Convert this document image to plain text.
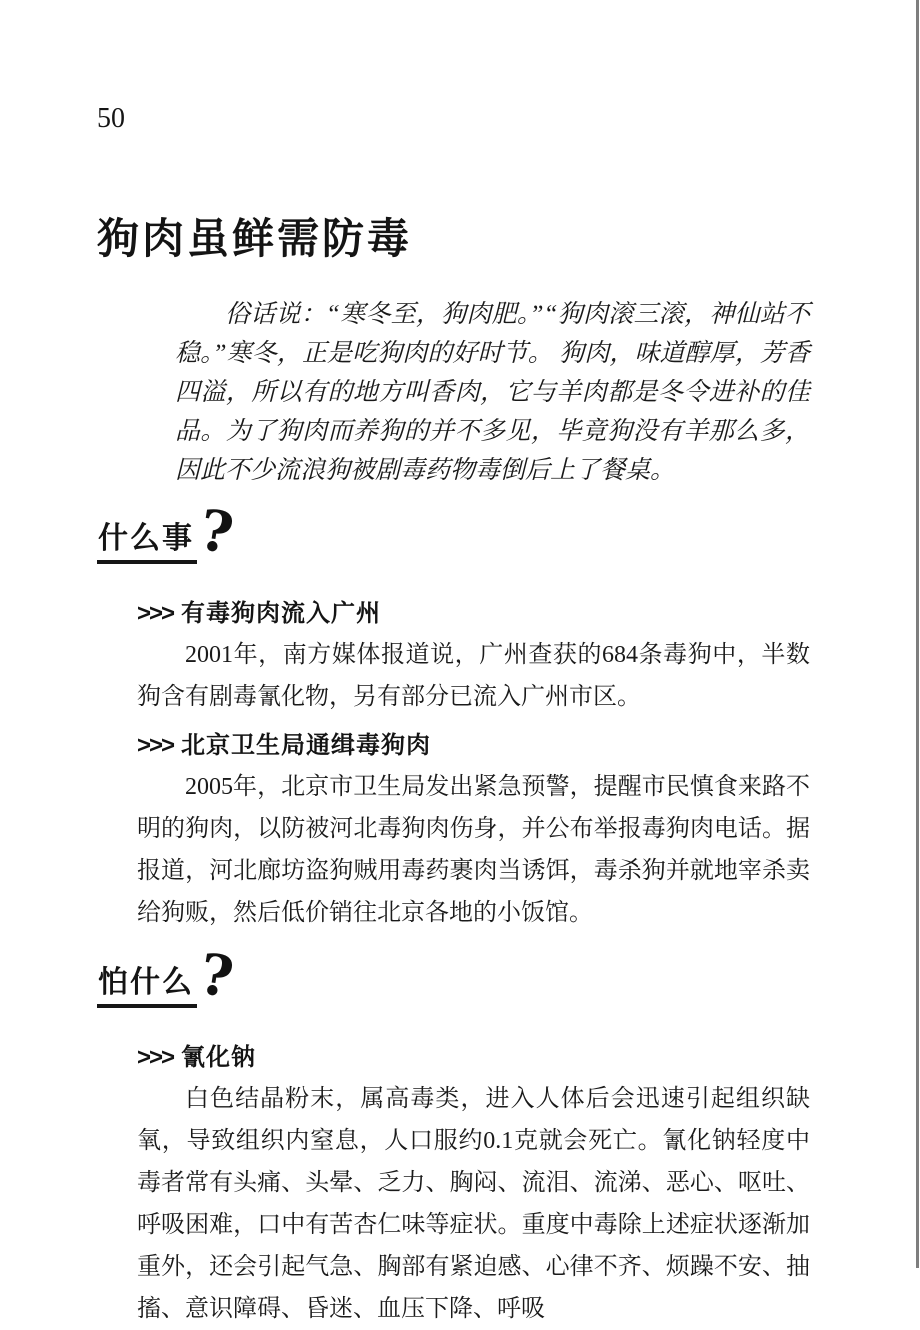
50
狗肉虽鲜需防毒

俗话说：“寒冬至，狗肉肥。”“狗肉滚三滚，神仙站不稳。”寒冬，正是吃狗肉的好时节。 狗肉，味道醇厚，芳香四溢，所以有的地方叫香肉，它与羊肉都是冬令进补的佳品。为了狗肉而养狗的并不多见，毕竟狗没有羊那么多，因此不少流浪狗被剧毒药物毒倒后上了餐桌。

什么事 ?
>>> 有毒狗肉流入广州

2001年，南方媒体报道说，广州查获的684条毒狗中，半数狗含有剧毒氰化物，另有部分已流入广州市区。

>>> 北京卫生局通缉毒狗肉

2005年，北京市卫生局发出紧急预警，提醒市民慎食来路不明的狗肉，以防被河北毒狗肉伤身，并公布举报毒狗肉电话。据报道，河北廊坊盗狗贼用毒药裹肉当诱饵，毒杀狗并就地宰杀卖给狗贩，然后低价销往北京各地的小饭馆。

怕什么 ?
>>> 氰化钠

白色结晶粉末，属高毒类，进入人体后会迅速引起组织缺氧，导致组织内窒息，人口服约0.1克就会死亡。氰化钠轻度中毒者常有头痛、头晕、乏力、胸闷、流泪、流涕、恶心、呕吐、呼吸困难，口中有苦杏仁味等症状。重度中毒除上述症状逐渐加重外，还会引起气急、胸部有紧迫感、心律不齐、烦躁不安、抽搐、意识障碍、昏迷、血压下降、呼吸
